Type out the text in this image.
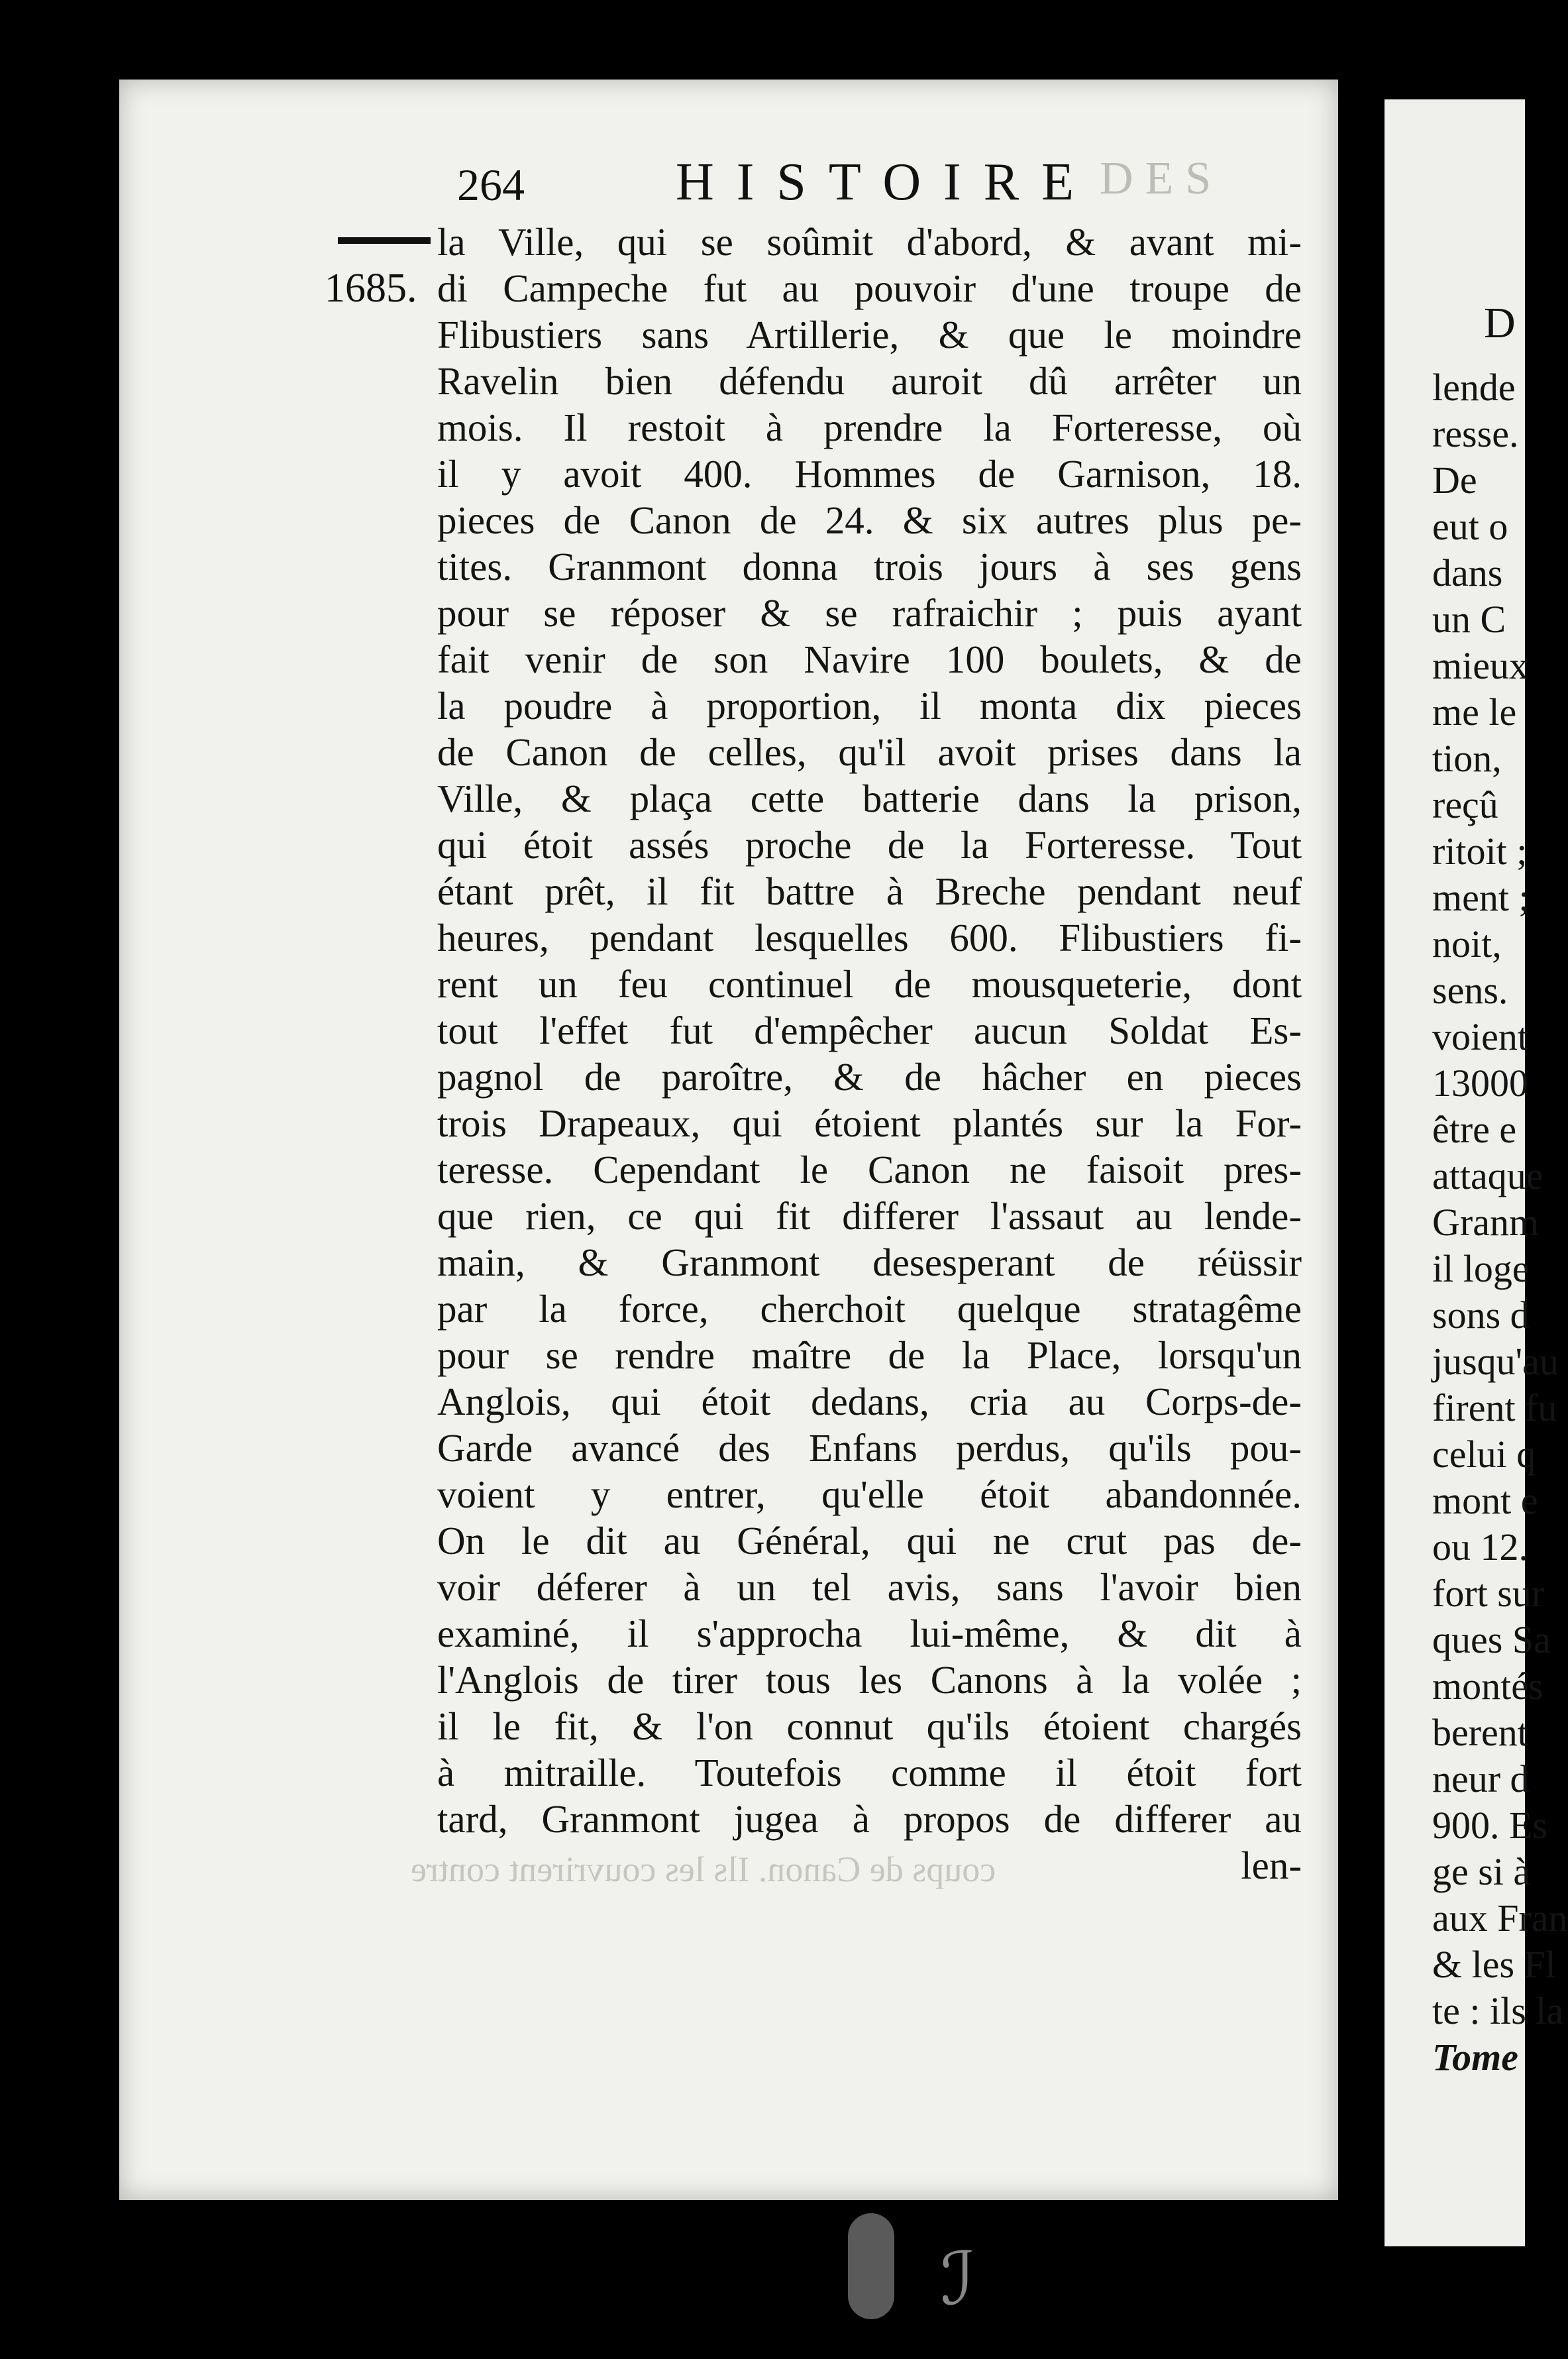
264	HISTOIRE DES
1685.
la Ville, qui se soûmit d'abord, & avant mi-
di Campeche fut au pouvoir d'une troupe de
Flibustiers sans Artillerie, & que le moindre
Ravelin bien défendu auroit dû arrêter un
mois. Il restoit à prendre la Forteresse, où
il y avoit 400. Hommes de Garnison, 18.
pieces de Canon de 24. & six autres plus pe-
tites. Granmont donna trois jours à ses gens
pour se réposer & se rafraichir ; puis ayant
fait venir de son Navire 100 boulets, & de
la poudre à proportion, il monta dix pieces
de Canon de celles, qu'il avoit prises dans la
Ville, & plaça cette batterie dans la prison,
qui étoit assés proche de la Forteresse. Tout
étant prêt, il fit battre à Breche pendant neuf
heures, pendant lesquelles 600. Flibustiers fi-
rent un feu continuel de mousqueterie, dont
tout l'effet fut d'empêcher aucun Soldat Es-
pagnol de paroître, & de hâcher en pieces
trois Drapeaux, qui étoient plantés sur la For-
teresse. Cependant le Canon ne faisoit pres-
que rien, ce qui fit differer l'assaut au lende-
main, & Granmont desesperant de réüssir
par la force, cherchoit quelque stratagême
pour se rendre maître de la Place, lorsqu'un
Anglois, qui étoit dedans, cria au Corps-de-
Garde avancé des Enfans perdus, qu'ils pou-
voient y entrer, qu'elle étoit abandonnée.
On le dit au Général, qui ne crut pas de-
voir déferer à un tel avis, sans l'avoir bien
examiné, il s'approcha lui-même, & dit à
l'Anglois de tirer tous les Canons à la volée ;
il le fit, & l'on connut qu'ils étoient chargés
à mitraille. Toutefois comme il étoit fort
tard, Granmont jugea à propos de differer au
len-
coups de Canon. Ils les couvrirent contre
D
lende
resse.
De
eut o
dans
un C
mieux
me le
tion,
reçû
ritoit ;
ment ;
noit,
sens.
voient
13000
être e
attaque
Granm
il loge
sons d
jusqu'au
firent fu
celui q
mont e
ou 12.
fort sur
ques Sa
montés
berent
neur d
900. Es
ge si à
aux Fran
& les Fl
te : ils la
Tome
ℐ
